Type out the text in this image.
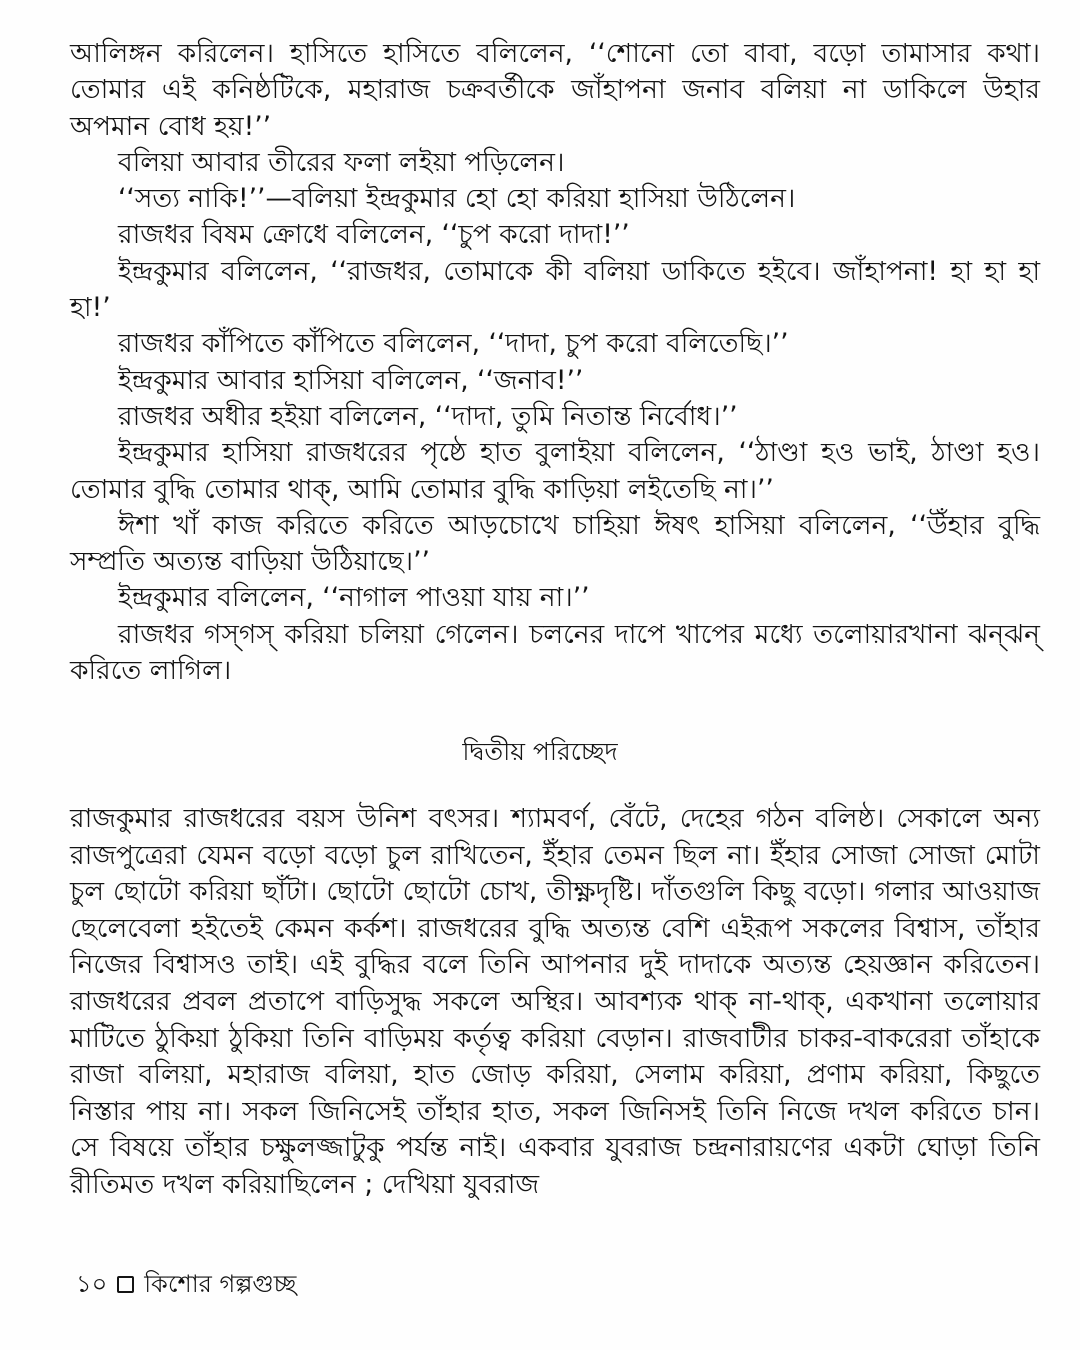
আলিঙ্গন করিলেন। হাসিতে হাসিতে বলিলেন, ‘‘শোনো তো বাবা, বড়ো তামাসার কথা। তোমার এই কনিষ্ঠটিকে, মহারাজ চক্রবর্তীকে জাঁহাপনা জনাব বলিয়া না ডাকিলে উহার অপমান বোধ হয়!’’

বলিয়া আবার তীরের ফলা লইয়া পড়িলেন।

‘‘সত্য নাকি!’’—বলিয়া ইন্দ্রকুমার হো হো করিয়া হাসিয়া উঠিলেন।

রাজধর বিষম ক্রোধে বলিলেন, ‘‘চুপ করো দাদা!’’

ইন্দ্রকুমার বলিলেন, ‘‘রাজধর, তোমাকে কী বলিয়া ডাকিতে হইবে। জাঁহাপনা! হা হা হা হা!’

রাজধর কাঁপিতে কাঁপিতে বলিলেন, ‘‘দাদা, চুপ করো বলিতেছি।’’

ইন্দ্রকুমার আবার হাসিয়া বলিলেন, ‘‘জনাব!’’

রাজধর অধীর হইয়া বলিলেন, ‘‘দাদা, তুমি নিতান্ত নির্বোধ।’’

ইন্দ্রকুমার হাসিয়া রাজধরের পৃষ্ঠে হাত বুলাইয়া বলিলেন, ‘‘ঠাণ্ডা হও ভাই, ঠাণ্ডা হও। তোমার বুদ্ধি তোমার থাক্, আমি তোমার বুদ্ধি কাড়িয়া লইতেছি না।’’

ঈশা খাঁ কাজ করিতে করিতে আড়চোখে চাহিয়া ঈষৎ হাসিয়া বলিলেন, ‘‘উঁহার বুদ্ধি সম্প্রতি অত্যন্ত বাড়িয়া উঠিয়াছে।’’

ইন্দ্রকুমার বলিলেন, ‘‘নাগাল পাওয়া যায় না।’’

রাজধর গস্‌গস্ করিয়া চলিয়া গেলেন। চলনের দাপে খাপের মধ্যে তলোয়ারখানা ঝন্‌ঝন্ করিতে লাগিল।

দ্বিতীয় পরিচ্ছেদ

রাজকুমার রাজধরের বয়স উনিশ বৎসর। শ্যামবর্ণ, বেঁটে, দেহের গঠন বলিষ্ঠ। সেকালে অন্য রাজপুত্রেরা যেমন বড়ো বড়ো চুল রাখিতেন, ইঁহার তেমন ছিল না। ইঁহার সোজা সোজা মোটা চুল ছোটো করিয়া ছাঁটা। ছোটো ছোটো চোখ, তীক্ষ্ণদৃষ্টি। দাঁতগুলি কিছু বড়ো। গলার আওয়াজ ছেলেবেলা হইতেই কেমন কর্কশ। রাজধরের বুদ্ধি অত্যন্ত বেশি এইরূপ সকলের বিশ্বাস, তাঁহার নিজের বিশ্বাসও তাই। এই বুদ্ধির বলে তিনি আপনার দুই দাদাকে অত্যন্ত হেয়জ্ঞান করিতেন। রাজধরের প্রবল প্রতাপে বাড়িসুদ্ধ সকলে অস্থির। আবশ্যক থাক্ না-থাক্, একখানা তলোয়ার মাটিতে ঠুকিয়া ঠুকিয়া তিনি বাড়িময় কর্তৃত্ব করিয়া বেড়ান। রাজবাটীর চাকর-বাকরেরা তাঁহাকে রাজা বলিয়া, মহারাজ বলিয়া, হাত জোড় করিয়া, সেলাম করিয়া, প্রণাম করিয়া, কিছুতে নিস্তার পায় না। সকল জিনিসেই তাঁহার হাত, সকল জিনিসই তিনি নিজে দখল করিতে চান। সে বিষয়ে তাঁহার চক্ষুলজ্জাটুকু পর্যন্ত নাই। একবার যুবরাজ চন্দ্রনারায়ণের একটা ঘোড়া তিনি রীতিমত দখল করিয়াছিলেন ; দেখিয়া যুবরাজ

১০ কিশোর গল্পগুচ্ছ
